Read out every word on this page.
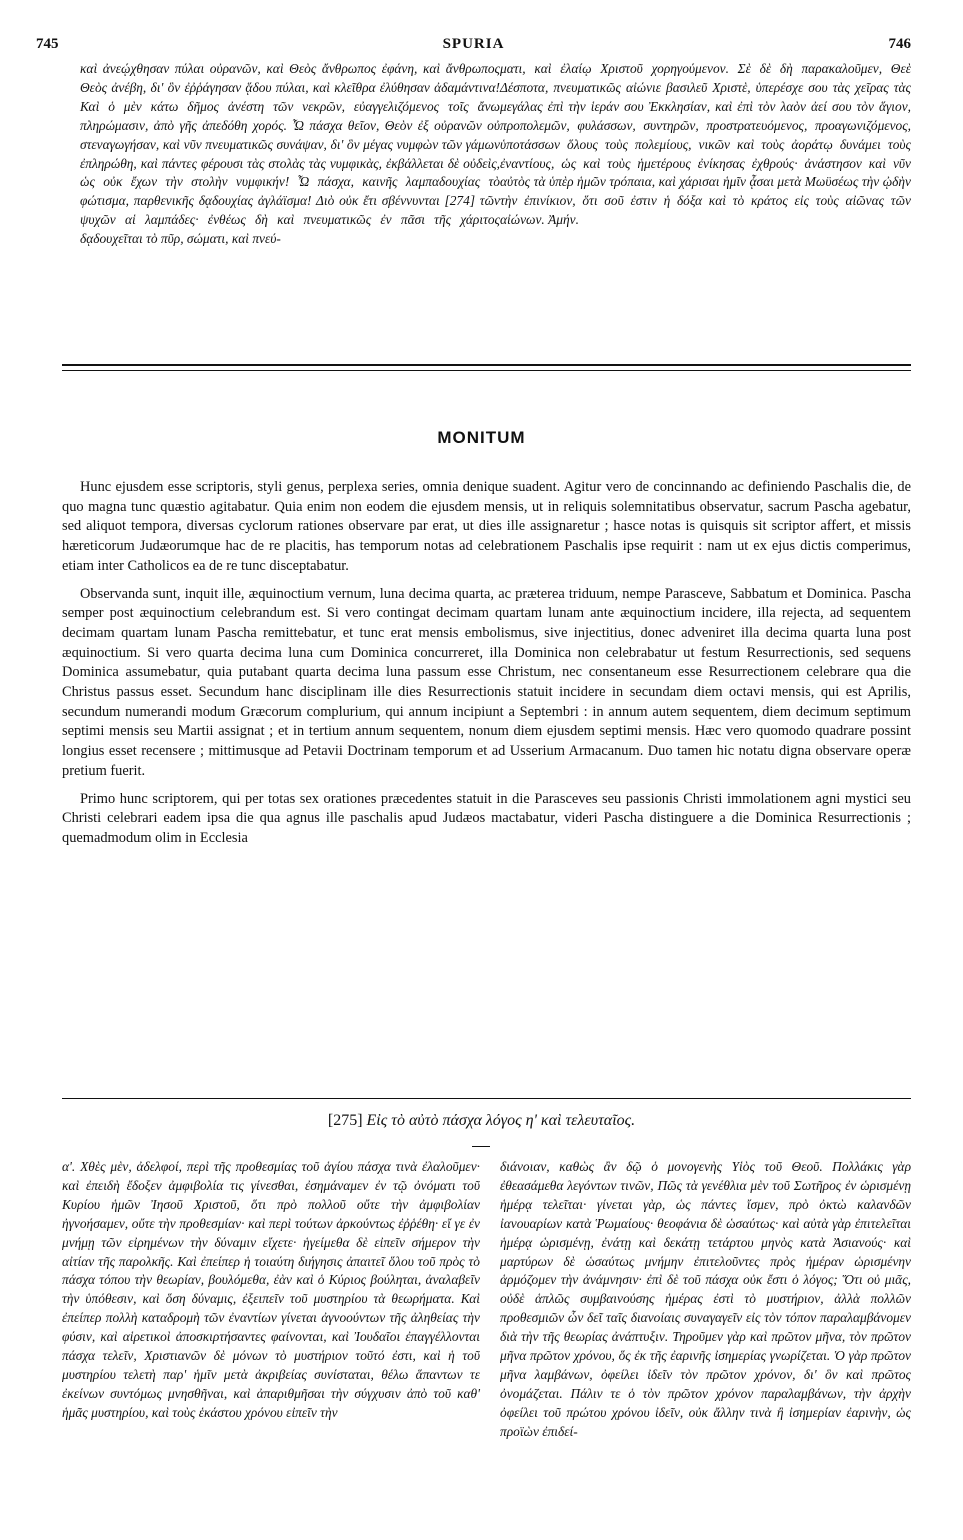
SPURIA
745	746

καὶ ἀνεῴχθησαν πύλαι οὐρανῶν, καὶ Θεὸς ἄνθρωπος ἐφάνη, καὶ ἄνθρωπος Θεὸς ἀνέβη, δι' ὃν ἐῤῥάγησαν ᾅδου πύλαι, καὶ κλεῖθρα ἐλύθησαν ἀδαμάντινα! Καὶ ὁ μὲν κάτω δῆμος ἀνέστη τῶν νεκρῶν, εὐαγγελιζόμενος τοῖς ἄνω πληρώμασιν, ἀπὸ γῆς ἀπεδόθη χορός. Ὦ πάσχα θεῖον, Θεὸν ἐξ οὐρανῶν οὐ στεναγωγήσαν, καὶ νῦν πνευματικῶς συνάψαν, δι' ὃν μέγας νυμφὼν τῶν γάμων ἐπληρώθη, καὶ πάντες φέρουσι τὰς στολὰς τὰς νυμφικὰς, ἐκβάλλεται δὲ οὐδεὶς, ὡς οὐκ ἔχων τὴν στολὴν νυμφικήν! Ὦ πάσχα, καινῆς λαμπαδουχίας τὸ φώτισμα, παρθενικῆς δᾳδουχίας ἀγλάϊσμα! Διὸ οὐκ ἔτι σβέννυνται [274] τῶν ψυχῶν αἱ λαμπάδες· ἐνθέως δὴ καὶ πνευματικῶς ἐν πᾶσι τῆς χάριτος δᾳδουχεῖται τὸ πῦρ, σώματι, καὶ πνεύ-

ματι, καὶ ἐλαίῳ Χριστοῦ χορηγούμενον. Σὲ δὲ δὴ παρακαλοῦμεν, Θεὲ Δέσποτα, πνευματικῶς αἰώνιε βασιλεῦ Χριστὲ, ὑπερέσχε σου τὰς χεῖρας τὰς μεγάλας ἐπὶ τὴν ἱεράν σου Ἐκκλησίαν, καὶ ἐπὶ τὸν λαὸν ἀεί σου τὸν ἅγιον, προπολεμῶν, φυλάσσων, συντηρῶν, προστρατευόμενος, προαγωνιζόμενος, ὑποτάσσων ὅλους τοὺς πολεμίους, νικῶν καὶ τοὺς ἀοράτῳ δυνάμει τοὺς ἐναντίους, ὡς καὶ τοὺς ἡμετέρους ἐνίκησας ἐχθρούς· ἀνάστησον καὶ νῦν αὐτὸς τὰ ὑπὲρ ἡμῶν τρόπαια, καὶ χάρισαι ἡμῖν ᾆσαι μετὰ Μωϋσέως τὴν ᾠδὴν τὴν ἐπινίκιον, ὅτι σοῦ ἐστιν ἡ δόξα καὶ τὸ κράτος εἰς τοὺς αἰῶνας τῶν αἰώνων. Ἀμήν.

MONITUM

Hunc ejusdem esse scriptoris, styli genus, perplexa series, omnia denique suadent. Agitur vero de concinnando ac definiendo Paschalis die, de quo magna tunc quæstio agitabatur. Quia enim non eodem die ejusdem mensis, ut in reliquis solemnitatibus observatur, sacrum Pascha agebatur, sed aliquot tempora, diversas cyclorum rationes observare par erat, ut dies ille assignaretur ; hasce notas is quisquis sit scriptor affert, et missis hæreticorum Judæorumque hac de re placitis, has temporum notas ad celebrationem Paschalis ipse requirit : nam ut ex ejus dictis comperimus, etiam inter Catholicos ea de re tunc disceptabatur.

Observanda sunt, inquit ille, æquinoctium vernum, luna decima quarta, ac præterea triduum, nempe Parasceve, Sabbatum et Dominica. Pascha semper post æquinoctium celebrandum est. Si vero contingat decimam quartam lunam ante æquinoctium incidere, illa rejecta, ad sequentem decimam quartam lunam Pascha remittebatur, et tunc erat mensis embolismus, sive injectitius, donec adveniret illa decima quarta luna post æquinoctium. Si vero quarta decima luna cum Dominica concurreret, illa Dominica non celebrabatur ut festum Resurrectionis, sed sequens Dominica assumebatur, quia putabant quarta decima luna passum esse Christum, nec consentaneum esse Resurrectionem celebrare qua die Christus passus esset. Secundum hanc disciplinam ille dies Resurrectionis statuit incidere in secundam diem octavi mensis, qui est Aprilis, secundum numerandi modum Græcorum complurium, qui annum incipiunt a Septembri : in annum autem sequentem, diem decimum septimum septimi mensis seu Martii assignat ; et in tertium annum sequentem, nonum diem ejusdem septimi mensis. Hæc vero quomodo quadrare possint longius esset recensere ; mittimusque ad Petavii Doctrinam temporum et ad Usserium Armacanum. Duo tamen hic notatu digna observare operæ pretium fuerit.

Primo hunc scriptorem, qui per totas sex orationes præcedentes statuit in die Parasceves seu passionis Christi immolationem agni mystici seu Christi celebrari eadem ipsa die qua agnus ille paschalis apud Judæos mactabatur, videri Pascha distinguere a die Dominica Resurrectionis ; quemadmodum olim in Ecclesia

[275] Εἰς τὸ αὐτὸ πάσχα λόγος η' καὶ τελευταῖος.

α'. Χθὲς μὲν, ἀδελφοί, περὶ τῆς προθεσμίας τοῦ ἁγίου πάσχα τινὰ ἐλαλοῦμεν· καὶ ἐπειδὴ ἔδοξεν ἀμφιβολία τις γίνεσθαι, ἐσημάναμεν ἐν τῷ ὀνόματι τοῦ Κυρίου ἡμῶν Ἰησοῦ Χριστοῦ, ὅτι πρὸ πολλοῦ οὔτε τὴν ἀμφιβολίαν ἠγνοήσαμεν, οὔτε τὴν προθεσμίαν· καὶ περὶ τούτων ἀρκούντως ἐῤῥέθη· εἴ γε ἐν μνήμῃ τῶν εἰρημένων τὴν δύναμιν εἴχετε· ἡγείμεθα δὲ εἰπεῖν σήμερον τὴν αἰτίαν τῆς παρολκῆς. Καὶ ἐπείπερ ἡ τοιαύτη διήγησις ἀπαιτεῖ ὅλου τοῦ πρὸς τὸ πάσχα τόπου τὴν θεωρίαν, βουλόμεθα, ἐὰν καὶ ὁ Κύριος βούληται, ἀναλαβεῖν τὴν ὑπόθεσιν, καὶ ὅση δύναμις, ἐξειπεῖν τοῦ μυστηρίου τὰ θεωρήματα. Καὶ ἐπείπερ πολλὴ καταδρομὴ τῶν ἐναντίων γίνεται ἀγνοούντων τῆς ἀληθείας τὴν φύσιν, καὶ αἱρετικοὶ ἀποσκιρτήσαντες φαίνονται, καὶ Ἰουδαῖοι ἐπαγγέλλονται πάσχα τελεῖν, Χριστιανῶν δὲ μόνων τὸ μυστήριον τοῦτό ἐστι, καὶ ἡ τοῦ μυστηρίου τελετὴ παρ' ἡμῖν μετὰ ἀκριβείας συνίσταται, θέλω ἅπαντων τε ἐκείνων συντόμως μνησθῆναι, καὶ ἀπαριθμῆσαι τὴν σύγχυσιν ἀπὸ τοῦ καθ' ἡμᾶς μυστηρίου, καὶ τοὺς ἑκάστου χρόνου εἰπεῖν τὴν

διάνοιαν, καθὼς ἂν δῷ ὁ μονογενὴς Υἱὸς τοῦ Θεοῦ. Πολλάκις γὰρ ἐθεασάμεθα λεγόντων τινῶν, Πῶς τὰ γενέθλια μὲν τοῦ Σωτῆρος ἐν ὡρισμένῃ ἡμέρᾳ τελεῖται· γίνεται γὰρ, ὡς πάντες ἴσμεν, πρὸ ὀκτὼ καλανδῶν ἰανουαρίων κατὰ Ῥωμαίους· θεοφάνια δὲ ὡσαύτως· καὶ αὐτὰ γὰρ ἐπιτελεῖται ἡμέρᾳ ὡρισμένῃ, ἐνάτῃ καὶ δεκάτῃ τετάρτου μηνὸς κατὰ Ἀσιανούς· καὶ μαρτύρων δὲ ὡσαύτως μνήμην ἐπιτελοῦντες πρὸς ἡμέραν ὡρισμένην ἁρμόζομεν τὴν ἀνάμνησιν· ἐπὶ δὲ τοῦ πάσχα οὐκ ἔστι ὁ λόγος; Ὅτι οὐ μιᾶς, οὐδὲ ἁπλῶς συμβαινούσης ἡμέρας ἐστὶ τὸ μυστήριον, ἀλλὰ πολλῶν προθεσμιῶν ὧν δεῖ ταῖς διανοίαις συναγαγεῖν εἰς τὸν τόπον παραλαμβάνομεν διὰ τὴν τῆς θεωρίας ἀνάπτυξιν. Τηροῦμεν γὰρ καὶ πρῶτον μῆνα, τὸν πρῶτον μῆνα πρῶτον χρόνου, ὅς ἐκ τῆς ἐαρινῆς ἰσημερίας γνωρίζεται. Ὁ γὰρ πρῶτον μῆνα λαμβάνων, ὀφείλει ἰδεῖν τὸν πρῶτον χρόνον, δι' ὃν καὶ πρῶτος ὀνομάζεται. Πάλιν τε ὁ τὸν πρῶτον χρόνον παραλαμβάνων, τὴν ἀρχὴν ὀφείλει τοῦ πρώτου χρόνου ἰδεῖν, οὐκ ἄλλην τινὰ ἢ ἰσημερίαν ἐαρινὴν, ὡς προϊὼν ἐπιδεί-
